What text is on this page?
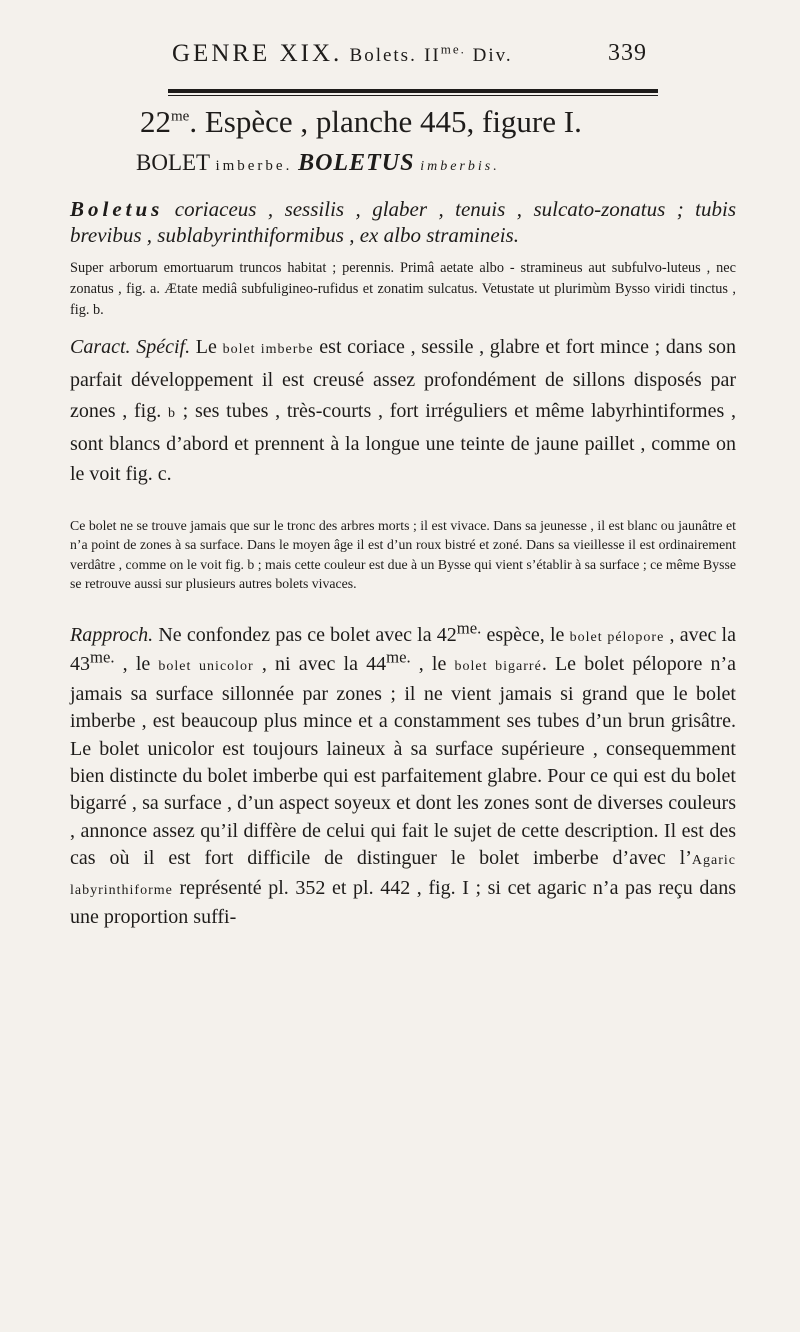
GENRE XIX. Bolets. $II^{me.}$ Div.	339
$22^{me}$. Espèce , planche 445, figure I.
BOLET imberbe. BOLETUS imberbis.
Boletus coriaceus , sessilis , glaber , tenuis , sulcato-zonatus ; tubis brevibus , sublabyrinthiformibus , ex albo stramineis.
Super arborum emortuarum truncos habitat ; perennis. Primâ aetate albo - stramineus aut subfulvo-luteus , nec zonatus , fig. a. Ætate mediâ subfuligineo-rufidus et zonatim sulcatus. Vetustate ut plurimùm Bysso viridi tinctus , fig. b.
Caract. Spécif. Le bolet imberbe est coriace , sessile , glabre et fort mince ; dans son parfait développement il est creusé assez profondément de sillons disposés par zones , fig. b ; ses tubes , très-courts , fort irréguliers et même labyrhintiformes , sont blancs d’abord et prennent à la longue une teinte de jaune paillet , comme on le voit fig. c.
Ce bolet ne se trouve jamais que sur le tronc des arbres morts ; il est vivace. Dans sa jeunesse , il est blanc ou jaunâtre et n’a point de zones à sa surface. Dans le moyen âge il est d’un roux bistré et zoné. Dans sa vieillesse il est ordinairement verdâtre , comme on le voit fig. b ; mais cette couleur est due à un Bysse qui vient s’établir à sa surface ; ce même Bysse se retrouve aussi sur plusieurs autres bolets vivaces.
Rapproch. Ne confondez pas ce bolet avec la $42^{me.}$ espèce, le bolet pélopore , avec la $43^{me.}$ , le bolet unicolor , ni avec la $44^{me.}$ , le bolet bigarré. Le bolet pélopore n’a jamais sa surface sillonnée par zones ; il ne vient jamais si grand que le bolet imberbe , est beaucoup plus mince et a constamment ses tubes d’un brun grisâtre. Le bolet unicolor est toujours laineux à sa surface supérieure , consequemment bien distincte du bolet imberbe qui est parfaitement glabre. Pour ce qui est du bolet bigarré , sa surface , d’un aspect soyeux et dont les zones sont de diverses couleurs , annonce assez qu’il diffère de celui qui fait le sujet de cette description. Il est des cas où il est fort difficile de distinguer le bolet imberbe d’avec l’Agaric labyrinthiforme représenté pl. 352 et pl. 442 , fig. I ; si cet agaric n’a pas reçu dans une proportion suffi-
